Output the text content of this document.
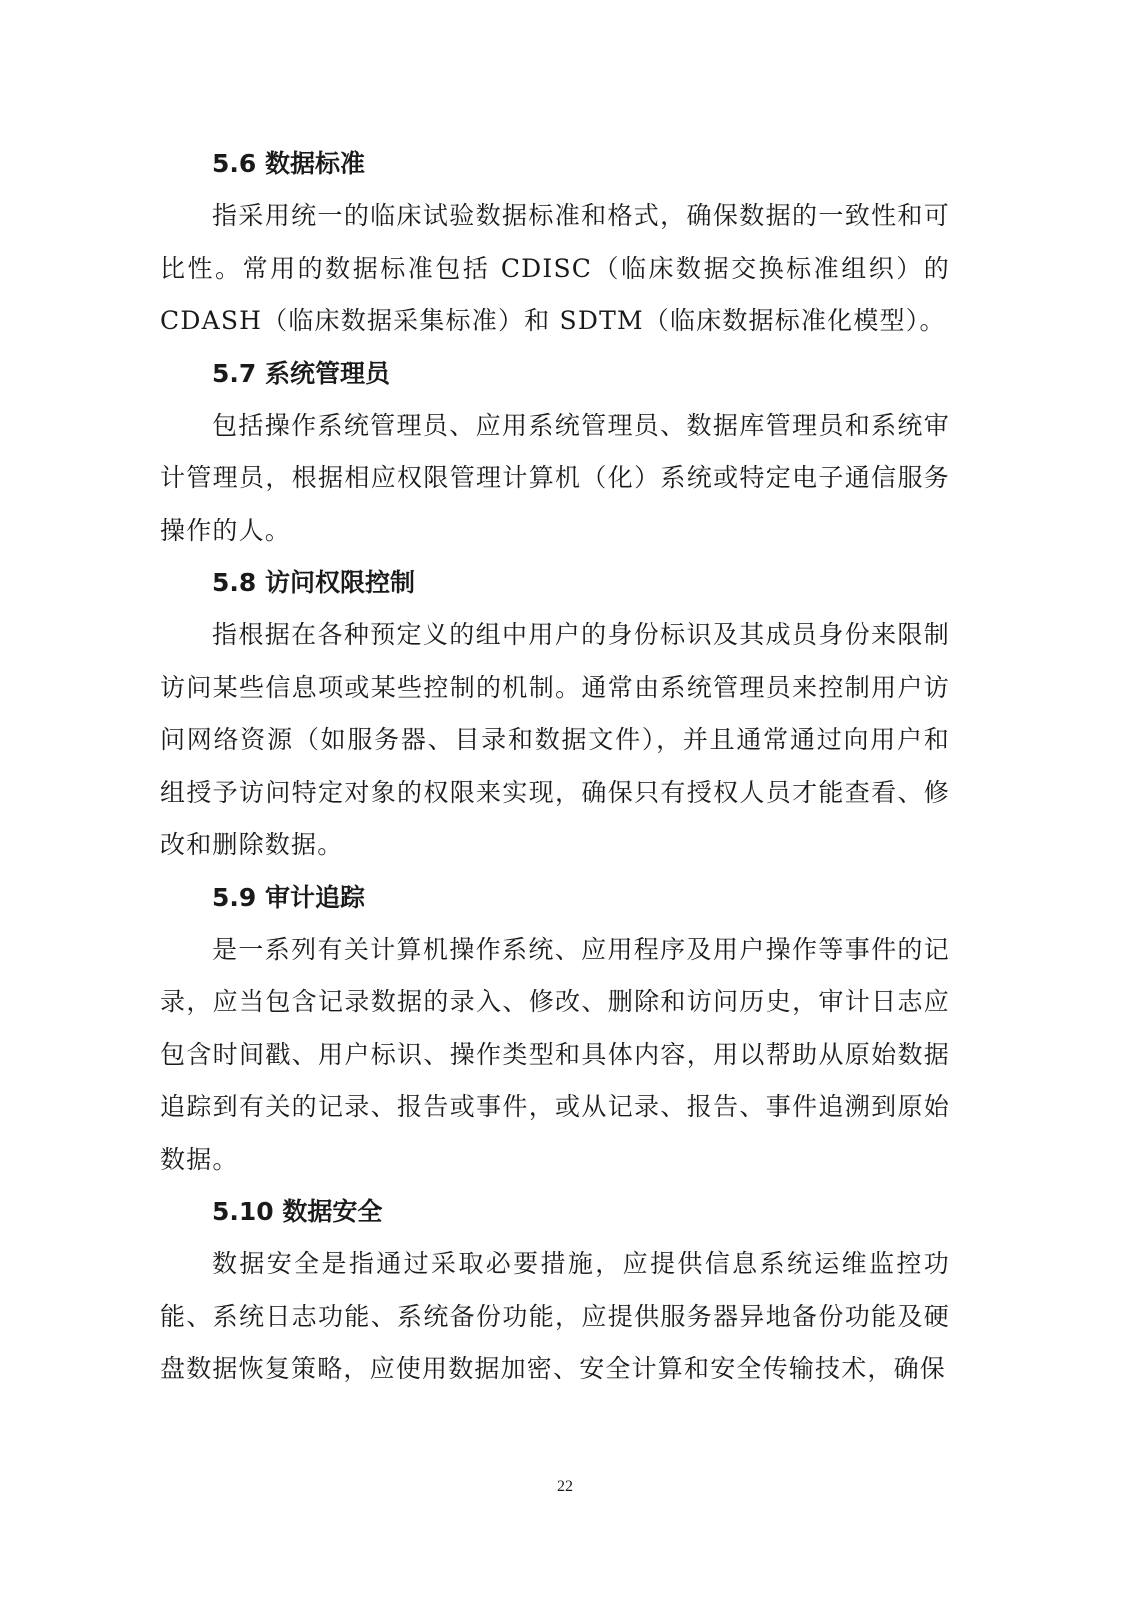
5.6 数据标准
指采用统一的临床试验数据标准和格式，确保数据的一致性和可比性。常用的数据标准包括 CDISC（临床数据交换标准组织）的 CDASH（临床数据采集标准）和 SDTM（临床数据标准化模型）。
5.7 系统管理员
包括操作系统管理员、应用系统管理员、数据库管理员和系统审计管理员，根据相应权限管理计算机（化）系统或特定电子通信服务操作的人。
5.8 访问权限控制
指根据在各种预定义的组中用户的身份标识及其成员身份来限制访问某些信息项或某些控制的机制。通常由系统管理员来控制用户访问网络资源（如服务器、目录和数据文件），并且通常通过向用户和组授予访问特定对象的权限来实现，确保只有授权人员才能查看、修改和删除数据。
5.9 审计追踪
是一系列有关计算机操作系统、应用程序及用户操作等事件的记录，应当包含记录数据的录入、修改、删除和访问历史，审计日志应包含时间戳、用户标识、操作类型和具体内容，用以帮助从原始数据追踪到有关的记录、报告或事件，或从记录、报告、事件追溯到原始数据。
5.10 数据安全
数据安全是指通过采取必要措施，应提供信息系统运维监控功能、系统日志功能、系统备份功能，应提供服务器异地备份功能及硬盘数据恢复策略，应使用数据加密、安全计算和安全传输技术，确保
22
